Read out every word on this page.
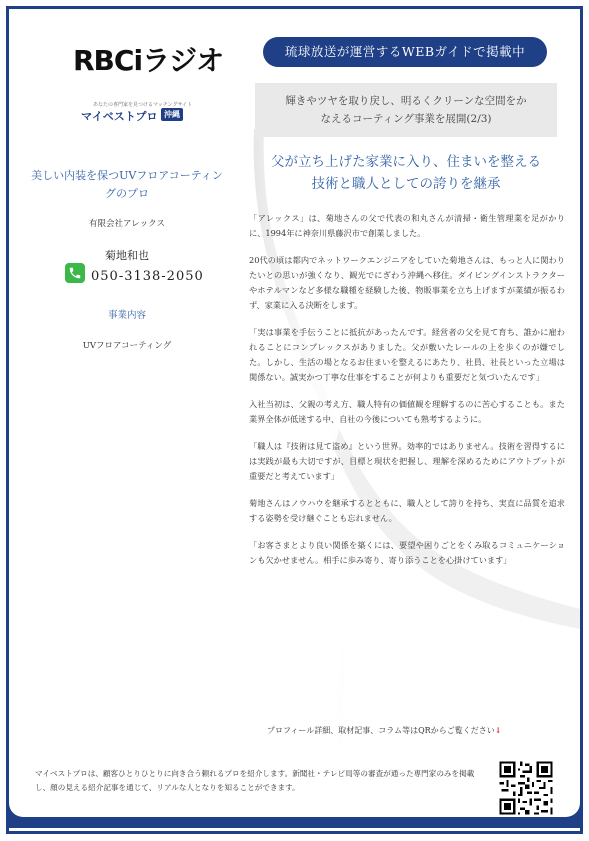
RBCiラジオ
あなたの専門家を見つけるマッチングサイト
マイベストプロ 沖縄
美しい内装を保つUVフロアコーティングのプロ
有限会社アレックス
菊地和也
050-3138-2050
事業内容
UVフロアコーティング
琉球放送が運営するWEBガイドで掲載中
輝きやツヤを取り戻し、明るくクリーンな空間をか
なえるコーティング事業を展開(2/3)
父が立ち上げた家業に入り、住まいを整える
技術と職人としての誇りを継承

「アレックス」は、菊地さんの父で代表の和丸さんが清掃・衛生管理業を足がかりに、1994年に神奈川県藤沢市で創業しました。

20代の頃は都内でネットワークエンジニアをしていた菊地さんは、もっと人に関わりたいとの思いが強くなり、観光でにぎわう沖縄へ移住。ダイビングインストラクターやホテルマンなど多様な職種を経験した後、物販事業を立ち上げますが業績が振るわず、家業に入る決断をします。

「実は事業を手伝うことに抵抗があったんです。経営者の父を見て育ち、誰かに雇われることにコンプレックスがありました。父が敷いたレールの上を歩くのが嫌でした。しかし、生活の場となるお住まいを整えるにあたり、社員、社長といった立場は関係ない。誠実かつ丁寧な仕事をすることが何よりも重要だと気づいたんです」

入社当初は、父親の考え方、職人特有の価値観を理解するのに苦心することも。また業界全体が低迷する中、自社の今後についても熟考するように。

「職人は『技術は見て盗め』という世界。効率的ではありません。技術を習得するには実践が最も大切ですが、目標と現状を把握し、理解を深めるためにアウトプットが重要だと考えています」

菊地さんはノウハウを継承するとともに、職人として誇りを持ち、実直に品質を追求する姿勢を受け継ぐことも忘れません。

「お客さまとより良い関係を築くには、要望や困りごとをくみ取るコミュニケーションも欠かせません。相手に歩み寄り、寄り添うことを心掛けています」

プロフィール詳細、取材記事、コラム等はQRからご覧ください↓
マイベストプロは、顧客ひとりひとりに向き合う頼れるプロを紹介します。新聞社・テレビ局等の審査が通った専門家のみを掲載し、顔の見える紹介記事を通じて、リアルな人となりを知ることができます。
